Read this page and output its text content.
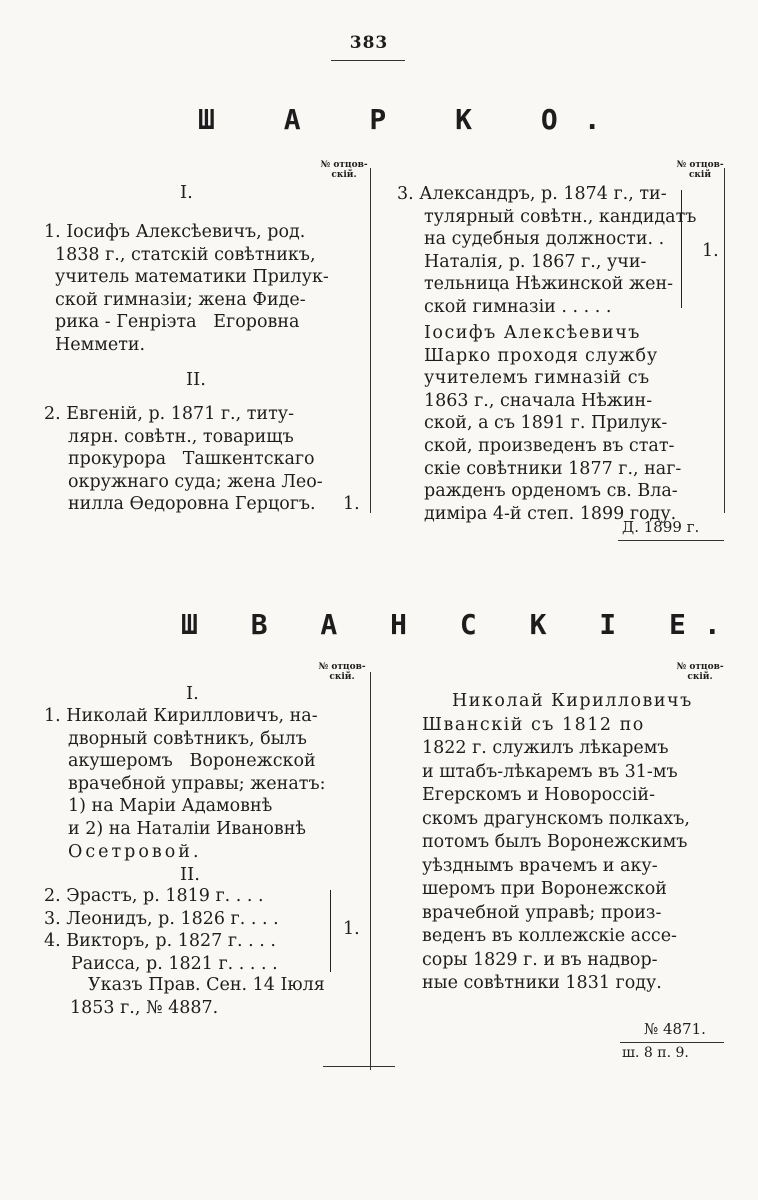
383
Ш А Р К О.
№ отцов-
скій.
№ отцов-
скій
I.
1. Іосифъ Алексѣевичъ, род.
1838 г., статскій совѣтникъ,
учитель математики Прилук-
ской гимназіи; жена Фиде-
рика - Генріэта   Егоровна
Неммети.
II.
2. Евгеній, р. 1871 г., титу-
лярн. совѣтн., товарищъ
прокурора   Ташкентскаго
окружнаго суда; жена Лео-
нилла Ѳедоровна Герцогъ.	1.
3. Александръ, р. 1874 г., ти-
тулярный совѣтн., кандидатъ
на судебныя должности. .
Наталія, р. 1867 г., учи-
тельница Нѣжинской жен-
ской гимназіи . . . . .
1.
Іосифъ Алексѣевичъ
Шарко проходя службу
учителемъ гимназій съ
1863 г., сначала Нѣжин-
ской, а съ 1891 г. Прилук-
ской, произведенъ въ стат-
скіе совѣтники 1877 г., наг-
ражденъ орденомъ св. Вла-
диміра 4-й степ. 1899 году.
Д. 1899 г.
Ш В А Н С К І Е.
№ отцов-
скій.
№ отцов-
скій.
I.
1. Николай Кирилловичъ, на-
дворный совѣтникъ, былъ
акушеромъ   Воронежской
врачебной управы; женатъ:
1) на Маріи Адамовнѣ
и 2) на Наталіи Ивановнѣ
Осетровой.
II.
2. Эрастъ, р. 1819 г. . . .
3. Леонидъ, р. 1826 г. . . .
4. Викторъ, р. 1827 г. . . .
Раисса, р. 1821 г. . . . .
1.
Указъ Прав. Сен. 14 Іюля
1853 г., № 4887.
Николай Кирилловичъ
Шванскій съ 1812 по
1822 г. служилъ лѣкаремъ
и штабъ-лѣкаремъ въ 31-мъ
Егерскомъ и Новороссій-
скомъ драгунскомъ полкахъ,
потомъ былъ Воронежскимъ
уѣзднымъ врачемъ и аку-
шеромъ при Воронежской
врачебной управѣ; произ-
веденъ въ коллежскіе ассе-
соры 1829 г. и въ надвор-
ные совѣтники 1831 году.
№ 4871.
ш. 8 п. 9.
